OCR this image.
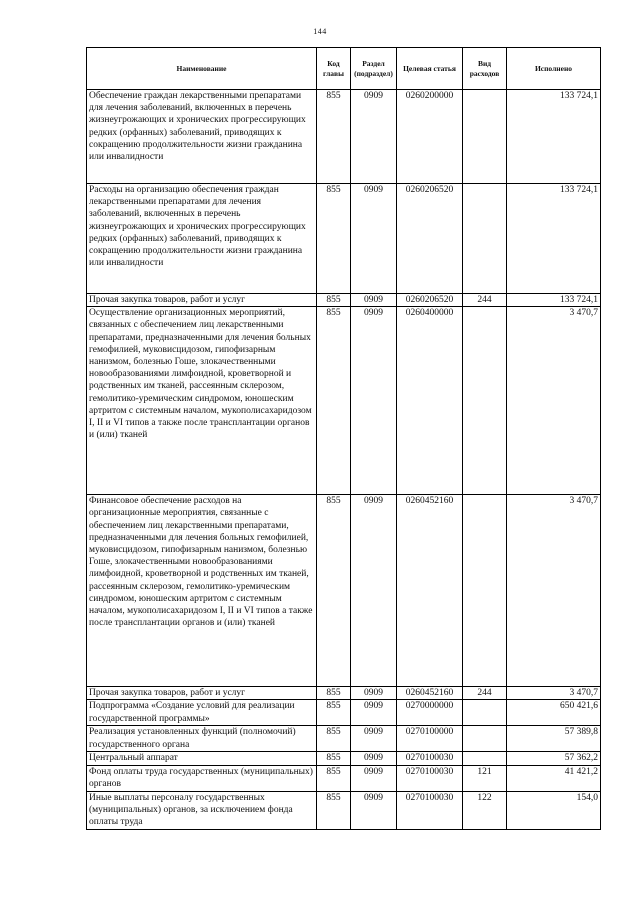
144
Наименование	Код главы	Раздел (подраздел)	Целевая статья	Вид расходов	Исполнено
Обеспечение граждан лекарственными препаратами для лечения заболеваний, включенных в перечень жизнеугрожающих и хронических прогрессирующих редких (орфанных) заболеваний, приводящих к сокращению продолжительности жизни гражданина или инвалидности	855	0909	0260200000		133 724,1
Расходы на организацию обеспечения граждан лекарственными препаратами для лечения заболеваний, включенных в перечень жизнеугрожающих и хронических прогрессирующих редких (орфанных) заболеваний, приводящих к сокращению продолжительности жизни гражданина или инвалидности	855	0909	0260206520		133 724,1
Прочая закупка товаров, работ и услуг	855	0909	0260206520	244	133 724,1
Осуществление организационных мероприятий, связанных с обеспечением лиц лекарственными препаратами, предназначенными для лечения больных гемофилией, муковисцидозом, гипофизарным нанизмом, болезнью Гоше, злокачественными новообразованиями лимфоидной, кроветворной и родственных им тканей, рассеянным склерозом, гемолитико-уремическим синдромом, юношеским артритом с системным началом, мукополисахаридозом I, II и VI типов а также после трансплантации органов и (или) тканей	855	0909	0260400000		3 470,7
Финансовое обеспечение расходов на организационные мероприятия, связанные с обеспечением лиц лекарственными препаратами, предназначенными для лечения больных гемофилией, муковисцидозом, гипофизарным нанизмом, болезнью Гоше, злокачественными новообразованиями лимфоидной, кроветворной и родственных им тканей, рассеянным склерозом, гемолитико-уремическим синдромом, юношеским артритом с системным началом, мукополисахаридозом I, II и VI типов а также после трансплантации органов и (или) тканей	855	0909	0260452160		3 470,7
Прочая закупка товаров, работ и услуг	855	0909	0260452160	244	3 470,7
Подпрограмма «Создание условий для реализации государственной программы»	855	0909	0270000000		650 421,6
Реализация установленных функций (полномочий) государственного органа	855	0909	0270100000		57 389,8
Центральный аппарат	855	0909	0270100030		57 362,2
Фонд оплаты труда государственных (муниципальных) органов	855	0909	0270100030	121	41 421,2
Иные выплаты персоналу государственных (муниципальных) органов, за исключением фонда оплаты труда	855	0909	0270100030	122	154,0
